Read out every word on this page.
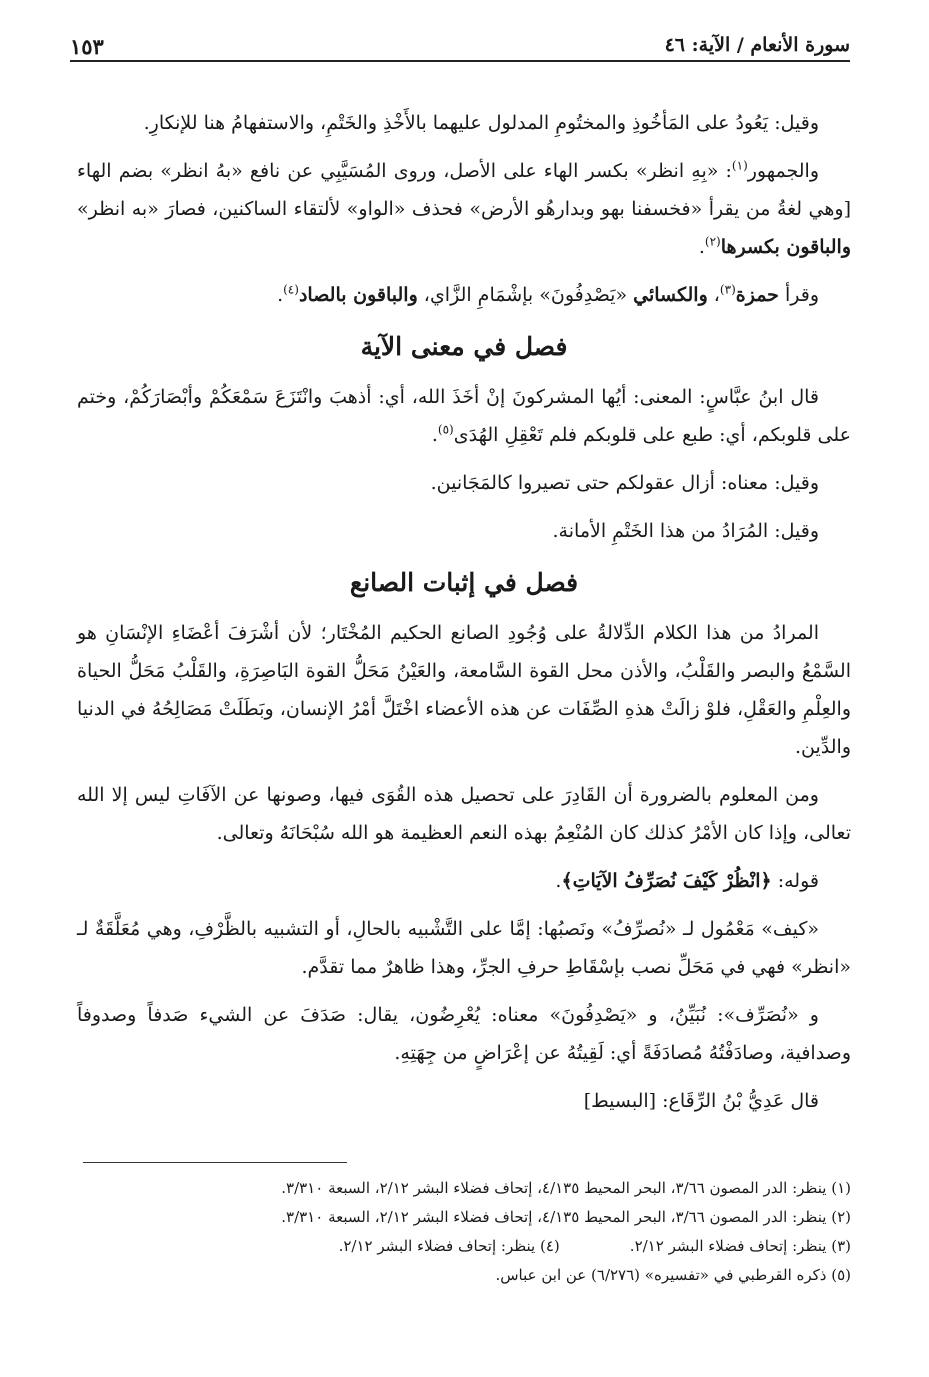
سورة الأنعام / الآية: ٤٦
١٥٣

وقيل: يَعُودُ على المَأخُوذِ والمختُومِ المدلول عليهما بالأَخْذِ والخَتْمِ، والاستفهامُ هنا للإنكارِ.

والجمهور$^{(١)}$: «بِهِ انظر» بكسر الهاء على الأصل، وروى المُسَيَّبِي عن نافع «بهُ انظر» بضم الهاء [وهي لغةُ من يقرأ «فخسفنا بهو وبدارهُو الأرض» فحذف «الواو» لألتقاء الساكنين، فصارَ «به انظر» والباقون بكسرها$^{(٢)}$.

وقرأ حمزة$^{(٣)}$، والكسائي «يَصْدِفُونَ» بإشْمَامِ الزَّاي، والباقون بالصاد$^{(٤)}$.

فصل في معنى الآية

قال ابنُ عبَّاسٍ: المعنى: أيُها المشركونَ إنْ أخَذَ الله، أي: أذهبَ وانْتَزَعَ سَمْعَكُمْ وأبْصَارَكُمْ، وختم على قلوبكم، أي: طبع على قلوبكم فلم تَعْقِلِ الهُدَى$^{(٥)}$.

وقيل: معناه: أزال عقولكم حتى تصيروا كالمَجَانين.

وقيل: المُرَادُ من هذا الخَتْمِ الأمانة.

فصل في إثبات الصانع

المرادُ من هذا الكلام الدِّلالةُ على وُجُودِ الصانع الحكيم المُخْتَار؛ لأن أشْرَفَ أعْضَاءِ الإنْسَانِ هو السَّمْعُ والبصر والقَلْبُ، والأذن محل القوة السَّامعة، والعَيْنُ مَحَلُّ القوة البَاصِرَةِ، والقَلْبُ مَحَلُّ الحياة والعِلْمِ والعَقْلِ، فلوْ زالَتْ هذهِ الصِّفَات عن هذه الأعضاء اخْتَلَّ أمْرُ الإنسان، وبَطَلَتْ مَصَالِحُهُ في الدنيا والدِّين.

ومن المعلوم بالضرورة أن القَادِرَ على تحصيل هذه القُوَى فيها، وصونها عن الآفَاتِ ليس إلا الله تعالى، وإذا كان الأمْرُ كذلك كان المُنْعِمُ بهذه النعم العظيمة هو الله سُبْحَانَهُ وتعالى.

قوله: ﴿انْظُرْ كَيْفَ نُصَرِّفُ الآيَاتِ﴾.

«كيف» مَعْمُول لـ «نُصرِّفُ» ونَصبُها: إمَّا على التَّشْبيه بالحالِ، أو التشبيه بالظَّرْفِ، وهي مُعَلَّقَةٌ لـ «انظر» فهي في مَحَلِّ نصب بإسْقَاطِ حرفِ الجرِّ، وهذا ظاهرٌ مما تقدَّم.

و «نُصَرِّف»: نُبَيِّنُ، و «يَصْدِفُونَ» معناه: يُعْرِضُون، يقال: صَدَفَ عن الشيء صَدفاً وصدوفاً وصدافية، وصادَفْتُهُ مُصادَفَةً أي: لَقِيتُهُ عن إعْرَاضٍ من جِهَتِهِ.

قال عَدِيُّ بْنُ الرِّقَاع: [البسيط]

(١) ينظر: الدر المصون ٣/٦٦، البحر المحيط ٤/١٣٥، إتحاف فضلاء البشر ٢/١٢، السبعة ٣/٣١٠.

(٢) ينظر: الدر المصون ٣/٦٦، البحر المحيط ٤/١٣٥، إتحاف فضلاء البشر ٢/١٢، السبعة ٣/٣١٠.

(٣) ينظر: إتحاف فضلاء البشر ٢/١٢.

(٤) ينظر: إتحاف فضلاء البشر ٢/١٢.

(٥) ذكره القرطبي في «تفسيره» (٦/٢٧٦) عن ابن عباس.
